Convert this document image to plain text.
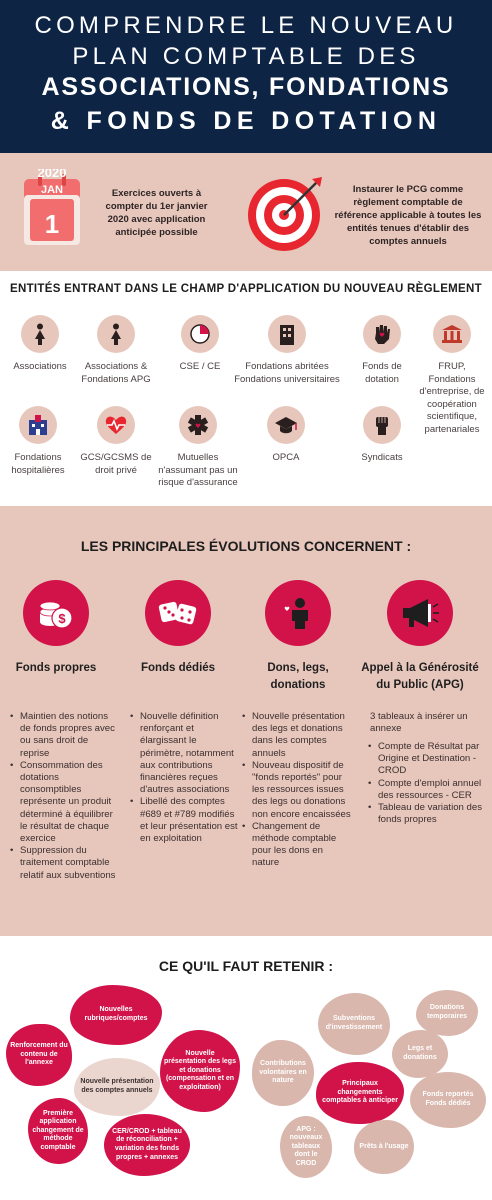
COMPRENDRE LE NOUVEAU
PLAN COMPTABLE DES
ASSOCIATIONS, FONDATIONS
& FONDS DE DOTATION
2020
JAN
1
Exercices ouverts à compter du 1er janvier 2020 avec application anticipée possible
Instaurer le PCG comme règlement comptable de référence applicable à toutes les entités tenues d'établir des comptes annuels
ENTITÉS ENTRANT DANS LE CHAMP D'APPLICATION DU NOUVEAU RÈGLEMENT
Associations	Associations & Fondations APG
CSE / CE	Fondations abritées Fondations universitaires
Fonds de dotation
FRUP, Fondations d'entreprise, de coopération scientifique, partenariales
Fondations hospitalières
GCS/GCSMS de droit privé
Mutuelles n'assumant pas un risque d'assurance
OPCA	Syndicats
LES PRINCIPALES ÉVOLUTIONS CONCERNENT :
$
Fonds propres	Fonds dédiés	Dons, legs, donations
Appel à la Générosité du Public (APG)
• Maintien des notions de fonds propres avec ou sans droit de reprise
• Consommation des dotations consomptibles représente un produit déterminé à équilibrer le résultat de chaque exercice
• Suppression du traitement comptable relatif aux subventions
• Nouvelle définition renforçant et élargissant le périmètre, notamment aux contributions financières reçues d'autres associations
• Libellé des comptes #689 et #789 modifiés et leur présentation est en exploitation
• Nouvelle présentation des legs et donations dans les comptes annuels
• Nouveau dispositif de "fonds reportés" pour les ressources issues des legs ou donations non encore encaissées
• Changement de méthode comptable pour les dons en nature
3 tableaux à insérer un annexe
• Compte de Résultat par Origine et Destination - CROD
• Compte d'emploi annuel des ressources - CER
• Tableau de variation des fonds propres
CE QU'IL FAUT RETENIR :
Nouvelles rubriques/comptes
Renforcement du contenu de l'annexe
Nouvelle présentation des legs et donations (compensation et en exploitation)
Nouvelle présentation des comptes annuels
Première application changement de méthode comptable
CER/CROD + tableau de réconciliation + variation des fonds propres + annexes
Subventions d'investissement
Donations temporaires
Contributions volontaires en nature
Legs et donations
Principaux changements comptables à anticiper
Fonds reportés Fonds dédiés
APG : nouveaux tableaux dont le CROD
Prêts à l'usage
